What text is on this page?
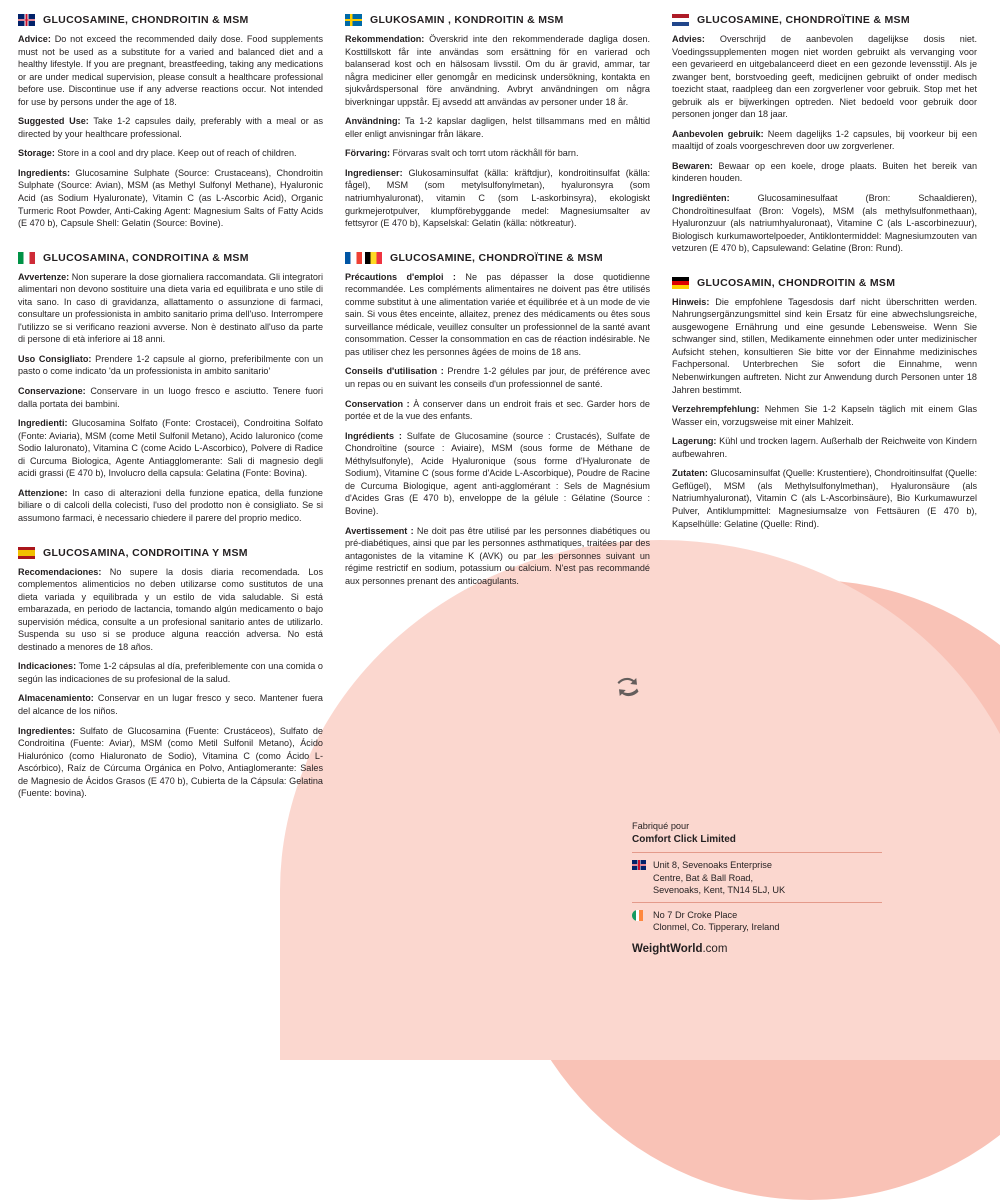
GLUCOSAMINE, CHONDROITIN & MSM

Advice: Do not exceed the recommended daily dose. Food supplements must not be used as a substitute for a varied and balanced diet and a healthy lifestyle. If you are pregnant, breastfeeding, taking any medications or are under medical supervision, please consult a healthcare professional before use. Discontinue use if any adverse reactions occur. Not intended for use by persons under the age of 18.

Suggested Use: Take 1-2 capsules daily, preferably with a meal or as directed by your healthcare professional.

Storage: Store in a cool and dry place. Keep out of reach of children.

Ingredients: Glucosamine Sulphate (Source: Crustaceans), Chondroitin Sulphate (Source: Avian), MSM (as Methyl Sulfonyl Methane), Hyaluronic Acid (as Sodium Hyaluronate), Vitamin C (as L-Ascorbic Acid), Organic Turmeric Root Powder, Anti-Caking Agent: Magnesium Salts of Fatty Acids (E 470 b), Capsule Shell: Gelatin (Source: Bovine).

GLUCOSAMINA, CONDROITINA & MSM

Avvertenze: Non superare la dose giornaliera raccomandata. Gli integratori alimentari non devono sostituire una dieta varia ed equilibrata e uno stile di vita sano. In caso di gravidanza, allattamento o assunzione di farmaci, consultare un professionista in ambito sanitario prima dell'uso. Interrompere l'utilizzo se si verificano reazioni avverse. Non è destinato all'uso da parte di persone di età inferiore ai 18 anni.

Uso Consigliato: Prendere 1-2 capsule al giorno, preferibilmente con un pasto o come indicato 'da un professionista in ambito sanitario'

Conservazione: Conservare in un luogo fresco e asciutto. Tenere fuori dalla portata dei bambini.

Ingredienti: Glucosamina Solfato (Fonte: Crostacei), Condroitina Solfato (Fonte: Aviaria), MSM (come Metil Sulfonil Metano), Acido Ialuronico (come Sodio Ialuronato), Vitamina C (come Acido L-Ascorbico), Polvere di Radice di Curcuma Biologica, Agente Antiagglomerante: Sali di magnesio degli acidi grassi (E 470 b), Involucro della capsula: Gelatina (Fonte: Bovina).

Attenzione: In caso di alterazioni della funzione epatica, della funzione biliare o di calcoli della colecisti, l'uso del prodotto non è consigliato. Se si assumono farmaci, è necessario chiedere il parere del proprio medico.

GLUCOSAMINA, CONDROITINA Y MSM

Recomendaciones: No supere la dosis diaria recomendada. Los complementos alimenticios no deben utilizarse como sustitutos de una dieta variada y equilibrada y un estilo de vida saludable. Si está embarazada, en periodo de lactancia, tomando algún medicamento o bajo supervisión médica, consulte a un profesional sanitario antes de utilizarlo. Suspenda su uso si se produce alguna reacción adversa. No está destinado a menores de 18 años.

Indicaciones: Tome 1-2 cápsulas al día, preferiblemente con una comida o según las indicaciones de su profesional de la salud.

Almacenamiento: Conservar en un lugar fresco y seco. Mantener fuera del alcance de los niños.

Ingredientes: Sulfato de Glucosamina (Fuente: Crustáceos), Sulfato de Condroitina (Fuente: Aviar), MSM (como Metil Sulfonil Metano), Ácido Hialurónico (como Hialuronato de Sodio), Vitamina C (como Ácido L-Ascórbico), Raíz de Cúrcuma Orgánica en Polvo, Antiaglomerante: Sales de Magnesio de Ácidos Grasos (E 470 b), Cubierta de la Cápsula: Gelatina (Fuente: bovina).

GLUKOSAMIN , KONDROITIN & MSM

Rekommendation: Överskrid inte den rekommenderade dagliga dosen. Kosttillskott får inte användas som ersättning för en varierad och balanserad kost och en hälsosam livsstil. Om du är gravid, ammar, tar några mediciner eller genomgår en medicinsk undersökning, kontakta en sjukvårdspersonal före användning. Avbryt användningen om några biverkningar uppstår. Ej avsedd att användas av personer under 18 år.

Användning: Ta 1-2 kapslar dagligen, helst tillsammans med en måltid eller enligt anvisningar från läkare.

Förvaring: Förvaras svalt och torrt utom räckhåll för barn.

Ingredienser: Glukosaminsulfat (källa: kräftdjur), kondroitinsulfat (källa: fågel), MSM (som metylsulfonylmetan), hyaluronsyra (som natriumhyaluronat), vitamin C (som L-askorbinsyra), ekologiskt gurkmejerotpulver, klumpförebyggande medel: Magnesiumsalter av fettsyror (E 470 b), Kapselskal: Gelatin (källa: nötkreatur).

GLUCOSAMINE, CHONDROÏTINE & MSM

Précautions d'emploi : Ne pas dépasser la dose quotidienne recommandée. Les compléments alimentaires ne doivent pas être utilisés comme substitut à une alimentation variée et équilibrée et à un mode de vie sain. Si vous êtes enceinte, allaitez, prenez des médicaments ou êtes sous surveillance médicale, veuillez consulter un professionnel de la santé avant consommation. Cesser la consommation en cas de réaction indésirable. Ne pas utiliser chez les personnes âgées de moins de 18 ans.

Conseils d'utilisation : Prendre 1-2 gélules par jour, de préférence avec un repas ou en suivant les conseils d'un professionnel de santé.

Conservation : À conserver dans un endroit frais et sec. Garder hors de portée et de la vue des enfants.

Ingrédients : Sulfate de Glucosamine (source : Crustacés), Sulfate de Chondroïtine (source : Aviaire), MSM (sous forme de Méthane de Méthylsulfonyle), Acide Hyaluronique (sous forme d'Hyaluronate de Sodium), Vitamine C (sous forme d'Acide L-Ascorbique), Poudre de Racine de Curcuma Biologique, agent anti-agglomérant : Sels de Magnésium d'Acides Gras (E 470 b), enveloppe de la gélule : Gélatine (Source : Bovine).

Avertissement : Ne doit pas être utilisé par les personnes diabétiques ou pré-diabétiques, ainsi que par les personnes asthmatiques, traitées par des antagonistes de la vitamine K (AVK) ou par les personnes suivant un régime restrictif en sodium, potassium ou calcium. N'est pas recommandé aux personnes prenant des anticoagulants.

GLUCOSAMINE, CHONDROÏTINE & MSM

Advies: Overschrijd de aanbevolen dagelijkse dosis niet. Voedingssupplementen mogen niet worden gebruikt als vervanging voor een gevarieerd en uitgebalanceerd dieet en een gezonde levensstijl. Als je zwanger bent, borstvoeding geeft, medicijnen gebruikt of onder medisch toezicht staat, raadpleeg dan een zorgverlener voor gebruik. Stop met het gebruik als er bijwerkingen optreden. Niet bedoeld voor gebruik door personen jonger dan 18 jaar.

Aanbevolen gebruik: Neem dagelijks 1-2 capsules, bij voorkeur bij een maaltijd of zoals voorgeschreven door uw zorgverlener.

Bewaren: Bewaar op een koele, droge plaats. Buiten het bereik van kinderen houden.

Ingrediënten: Glucosaminesulfaat (Bron: Schaaldieren), Chondroïtinesulfaat (Bron: Vogels), MSM (als methylsulfonmethaan), Hyaluronzuur (als natriumhyaluronaat), Vitamine C (als L-ascorbinezuur), Biologisch kurkumawortelpoeder, Antiklontermiddel: Magnesiumzouten van vetzuren (E 470 b), Capsulewand: Gelatine (Bron: Rund).

GLUCOSAMIN, CHONDROITIN & MSM

Hinweis: Die empfohlene Tagesdosis darf nicht überschritten werden. Nahrungsergänzungsmittel sind kein Ersatz für eine abwechslungsreiche, ausgewogene Ernährung und eine gesunde Lebensweise. Wenn Sie schwanger sind, stillen, Medikamente einnehmen oder unter medizinischer Aufsicht stehen, konsultieren Sie bitte vor der Einnahme medizinisches Fachpersonal. Unterbrechen Sie sofort die Einnahme, wenn Nebenwirkungen auftreten. Nicht zur Anwendung durch Personen unter 18 Jahren bestimmt.

Verzehrempfehlung: Nehmen Sie 1-2 Kapseln täglich mit einem Glas Wasser ein, vorzugsweise mit einer Mahlzeit.

Lagerung: Kühl und trocken lagern. Außerhalb der Reichweite von Kindern aufbewahren.

Zutaten: Glucosaminsulfat (Quelle: Krustentiere), Chondroitinsulfat (Quelle: Geflügel), MSM (als Methylsulfonylmethan), Hyaluronsäure (als Natriumhyaluronat), Vitamin C (als L-Ascorbinsäure), Bio Kurkumawurzel Pulver, Antiklumpmittel: Magnesiumsalze von Fettsäuren (E 470 b), Kapselhülle: Gelatine (Quelle: Rind).

Fabriqué pour
Comfort Click Limited
Unit 8, Sevenoaks Enterprise
Centre, Bat & Ball Road,
Sevenoaks, Kent, TN14 5LJ, UK
No 7 Dr Croke Place
Clonmel, Co. Tipperary, Ireland
WeightWorld.com
